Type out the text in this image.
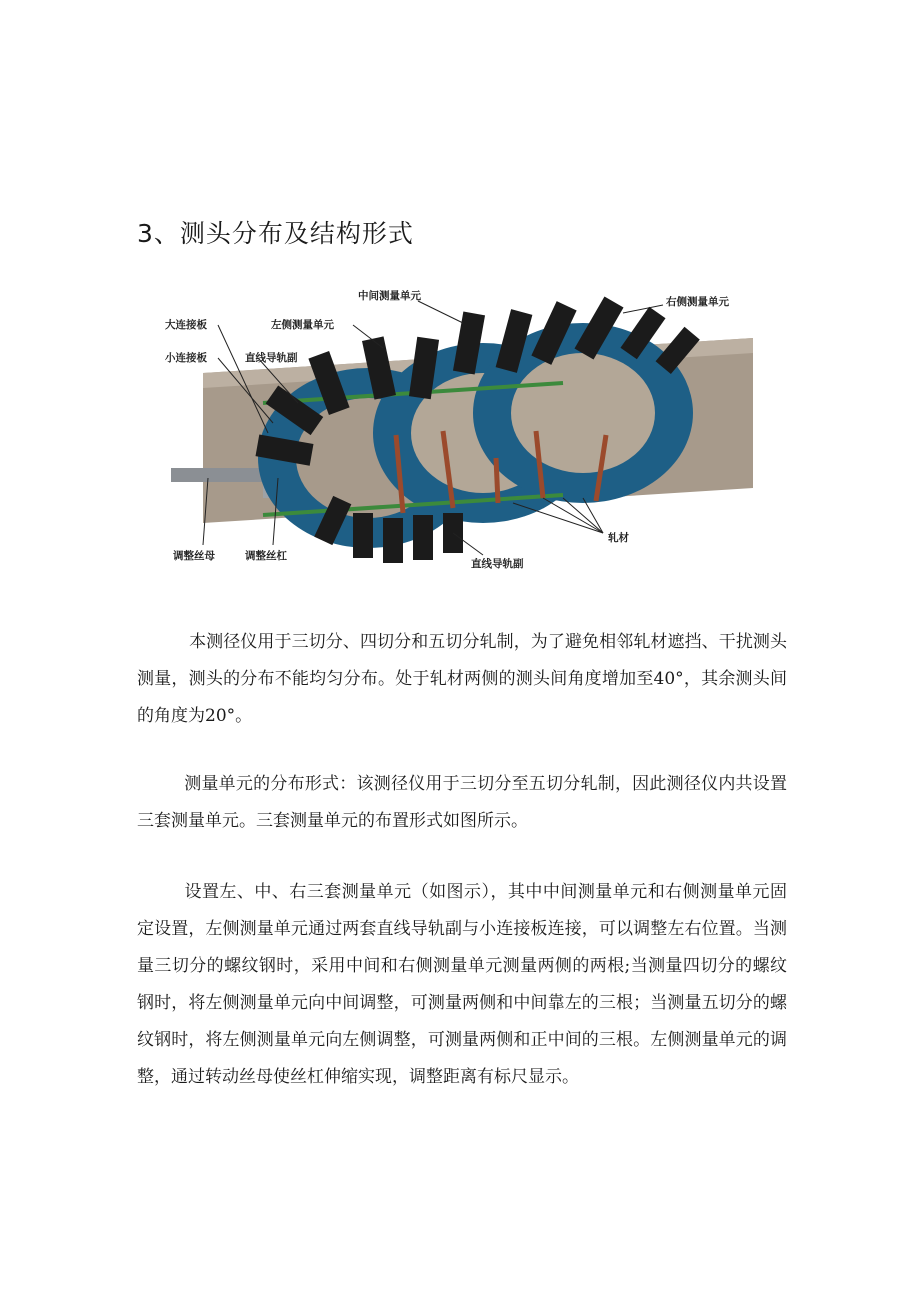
3、测头分布及结构形式
中间测量单元	右侧测量单元
大连接板	左侧测量单元
小连接板	直线导轨副
调整丝母	调整丝杠
直线导轨副
轧材

本测径仪用于三切分、四切分和五切分轧制，为了避免相邻轧材遮挡、干扰测头测量，测头的分布不能均匀分布。处于轧材两侧的测头间角度增加至40°，其余测头间的角度为20°。

测量单元的分布形式：该测径仪用于三切分至五切分轧制，因此测径仪内共设置三套测量单元。三套测量单元的布置形式如图所示。

设置左、中、右三套测量单元（如图示），其中中间测量单元和右侧测量单元固定设置，左侧测量单元通过两套直线导轨副与小连接板连接，可以调整左右位置。当测量三切分的螺纹钢时，采用中间和右侧测量单元测量两侧的两根;当测量四切分的螺纹钢时，将左侧测量单元向中间调整，可测量两侧和中间靠左的三根；当测量五切分的螺纹钢时，将左侧测量单元向左侧调整，可测量两侧和正中间的三根。左侧测量单元的调整，通过转动丝母使丝杠伸缩实现，调整距离有标尺显示。
